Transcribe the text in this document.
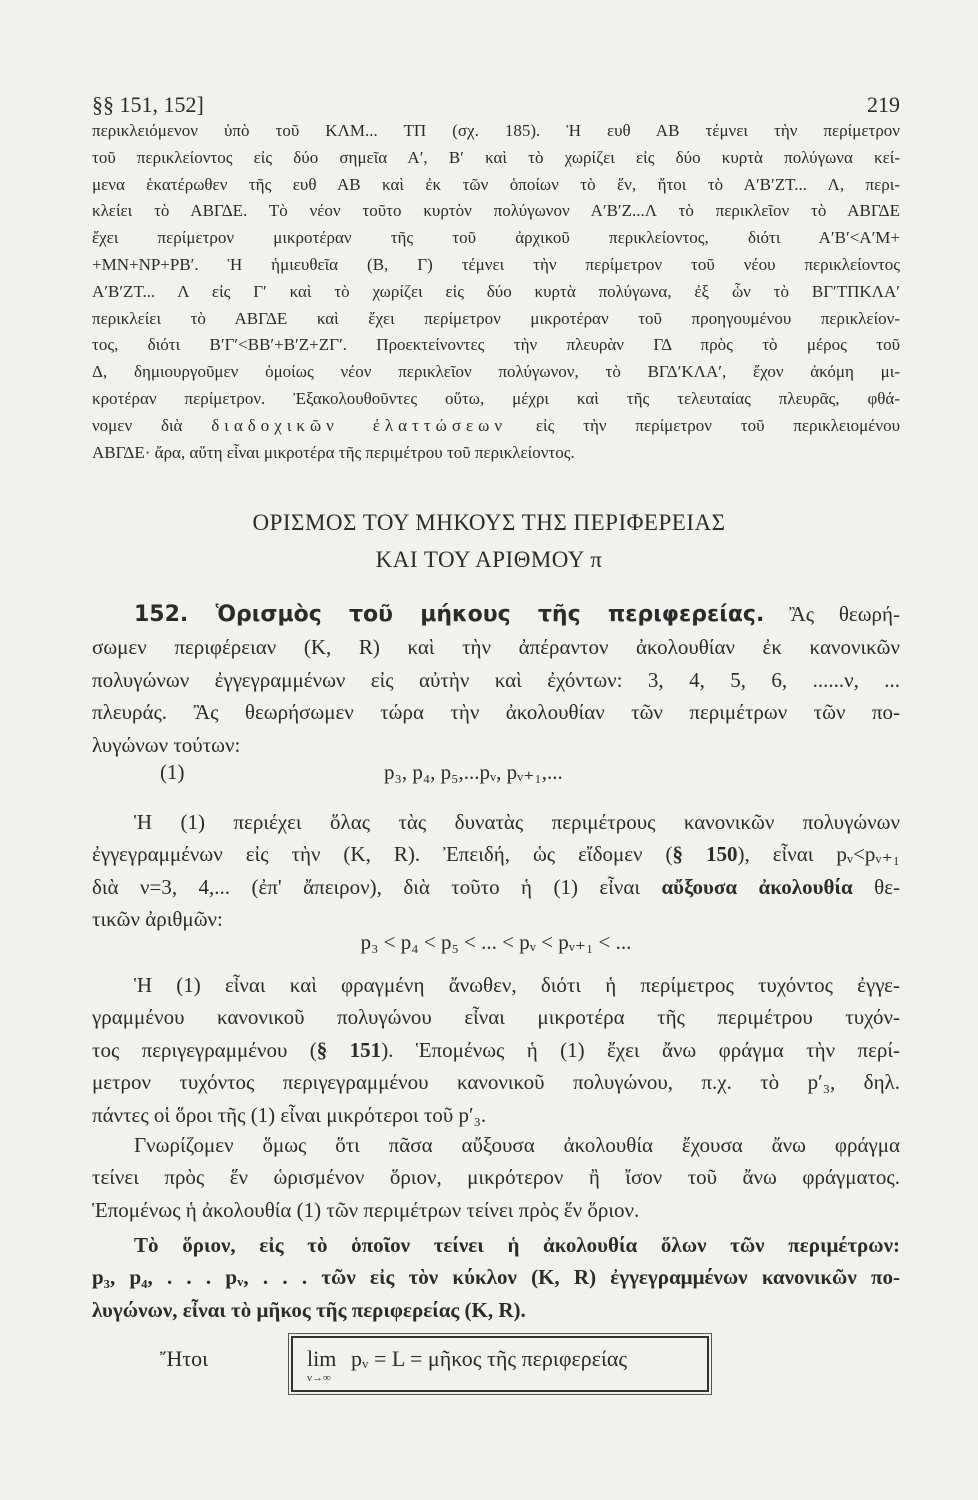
§§ 151, 152]	219
περικλειόμενον ὑπὸ τοῦ ΚΛΜ... ΤΠ (σχ. 185). Ἡ ευθ ΑΒ τέμνει τὴν περίμετρον
τοῦ περικλείοντος εἰς δύο σημεῖα Α′, Β′ καὶ τὸ χωρίζει εἰς δύο κυρτὰ πολύγωνα κεί-
μενα ἑκατέρωθεν τῆς ευθ ΑΒ καὶ ἐκ τῶν ὁποίων τὸ ἕν, ἤτοι τὸ Α′Β′ΖΤ... Λ, περι-
κλείει τὸ ΑΒΓΔΕ. Τὸ νέον τοῦτο κυρτὸν πολύγωνον Α′Β′Ζ...Λ τὸ περικλεῖον τὸ ΑΒΓΔΕ
ἔχει περίμετρον μικροτέραν τῆς τοῦ ἀρχικοῦ περικλείοντος, διότι Α′Β′<Α′Μ+
+ΜΝ+ΝΡ+ΡΒ′. Ἡ ἡμιευθεῖα (Β, Γ) τέμνει τὴν περίμετρον τοῦ νέου περικλείοντος
Α′Β′ΖΤ... Λ εἰς Γ′ καὶ τὸ χωρίζει εἰς δύο κυρτὰ πολύγωνα, ἐξ ὧν τὸ ΒΓ′ΤΠΚΛΑ′
περικλείει τὸ ΑΒΓΔΕ καὶ ἔχει περίμετρον μικροτέραν τοῦ προηγουμένου περικλείον-
τος, διότι Β′Γ′<ΒΒ′+Β′Ζ+ΖΓ′. Προεκτείνοντες τὴν πλευρὰν ΓΔ πρὸς τὸ μέρος τοῦ
Δ, δημιουργοῦμεν ὁμοίως νέον περικλεῖον πολύγωνον, τὸ ΒΓΔ′ΚΛΑ′, ἔχον ἀκόμη μι-
κροτέραν περίμετρον. Ἐξακολουθοῦντες οὕτω, μέχρι καὶ τῆς τελευταίας πλευρᾶς, φθά-
νομεν διὰ διαδοχικῶν ἐλαττώσεων εἰς τὴν περίμετρον τοῦ περικλειομένου
ΑΒΓΔΕ· ἄρα, αὕτη εἶναι μικροτέρα τῆς περιμέτρου τοῦ περικλείοντος.
ΟΡΙΣΜΟΣ ΤΟΥ ΜΗΚΟΥΣ ΤΗΣ ΠΕΡΙΦΕΡΕΙΑΣ
ΚΑΙ ΤΟΥ ΑΡΙΘΜΟΥ π
152. Ὁρισμὸς τοῦ μήκους τῆς περιφερείας. Ἂς θεωρή-
σωμεν περιφέρειαν (K, R) καὶ τὴν ἀπέραντον ἀκολουθίαν ἐκ κανονικῶν
πολυγώνων ἐγγεγραμμένων εἰς αὐτὴν καὶ ἐχόντων: 3, 4, 5, 6, ......ν, ...
πλευράς. Ἂς θεωρήσωμεν τώρα τὴν ἀκολουθίαν τῶν περιμέτρων τῶν πο-
λυγώνων τούτων:
(1)	p₃, p₄, p₅,...pᵥ, pᵥ₊₁,...
Ἡ (1) περιέχει ὅλας τὰς δυνατὰς περιμέτρους κανονικῶν πολυγώνων
ἐγγεγραμμένων εἰς τὴν (K, R). Ἐπειδή, ὡς εἴδομεν (§ 150), εἶναι pᵥ<pᵥ₊₁
διὰ ν=3, 4,... (ἐπ' ἄπειρον), διὰ τοῦτο ἡ (1) εἶναι αὔξουσα ἀκολουθία θε-
τικῶν ἀριθμῶν:
p₃ < p₄ < p₅ < ... < pᵥ < pᵥ₊₁ < ...
Ἡ (1) εἶναι καὶ φραγμένη ἄνωθεν, διότι ἡ περίμετρος τυχόντος ἐγγε-
γραμμένου κανονικοῦ πολυγώνου εἶναι μικροτέρα τῆς περιμέτρου τυχόν-
τος περιγεγραμμένου (§ 151). Ἑπομένως ἡ (1) ἔχει ἄνω φράγμα τὴν περί-
μετρον τυχόντος περιγεγραμμένου κανονικοῦ πολυγώνου, π.χ. τὸ p′₃, δηλ.
πάντες οἱ ὅροι τῆς (1) εἶναι μικρότεροι τοῦ p′₃.
Γνωρίζομεν ὅμως ὅτι πᾶσα αὔξουσα ἀκολουθία ἔχουσα ἄνω φράγμα
τείνει πρὸς ἕν ὡρισμένον ὅριον, μικρότερον ἢ ἴσον τοῦ ἄνω φράγματος.
Ἑπομένως ἡ ἀκολουθία (1) τῶν περιμέτρων τείνει πρὸς ἕν ὅριον.
Τὸ ὅριον, εἰς τὸ ὁποῖον τείνει ἡ ἀκολουθία ὅλων τῶν περιμέτρων:
p₃, p₄, . . . pᵥ, . . . τῶν εἰς τὸν κύκλον (K, R) ἐγγεγραμμένων κανονικῶν πο-
λυγώνων, εἶναι τὸ μῆκος τῆς περιφερείας (K, R).
Ἤτοι	lim
ν→∞
pᵥ = L = μῆκος τῆς περιφερείας
